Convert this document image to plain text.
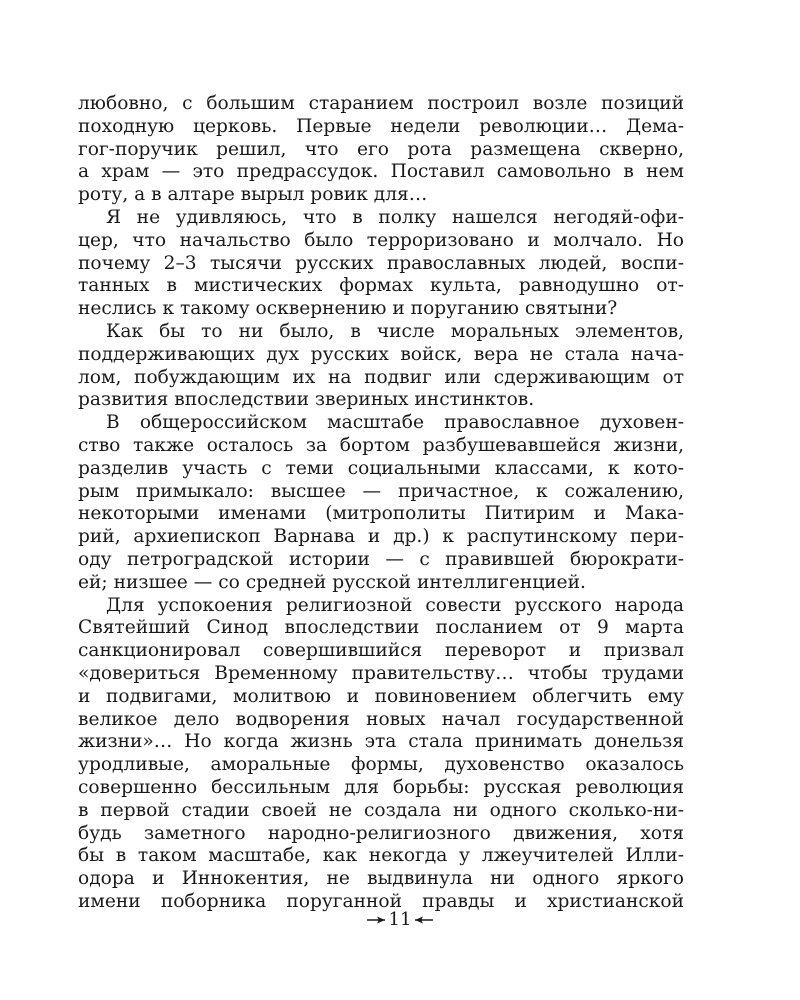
любовно, с большим старанием построил возле позиций
походную церковь. Первые недели революции… Дема-
гог-поручик решил, что его рота размещена скверно,
а храм — это предрассудок. Поставил самовольно в нем
роту, а в алтаре вырыл ровик для…
Я не удивляюсь, что в полку нашелся негодяй-офи-
цер, что начальство было терроризовано и молчало. Но
почему 2–3 тысячи русских православных людей, воспи-
танных в мистических формах культа, равнодушно от-
неслись к такому осквернению и поруганию святыни?
Как бы то ни было, в числе моральных элементов,
поддерживающих дух русских войск, вера не стала нача-
лом, побуждающим их на подвиг или сдерживающим от
развития впоследствии звериных инстинктов.
В общероссийском масштабе православное духовен-
ство также осталось за бортом разбушевавшейся жизни,
разделив участь с теми социальными классами, к кото-
рым примыкало: высшее — причастное, к сожалению,
некоторыми именами (митрополиты Питирим и Мака-
рий, архиепископ Варнава и др.) к распутинскому пери-
оду петроградской истории — с правившей бюрократи-
ей; низшее — со средней русской интеллигенцией.
Для успокоения религиозной совести русского народа
Святейший Синод впоследствии посланием от 9 марта
санкционировал совершившийся переворот и призвал
«довериться Временному правительству… чтобы трудами
и подвигами, молитвою и повиновением облегчить ему
великое дело водворения новых начал государственной
жизни»… Но когда жизнь эта стала принимать донельзя
уродливые, аморальные формы, духовенство оказалось
совершенно бессильным для борьбы: русская революция
в первой стадии своей не создала ни одного сколько-ни-
будь заметного народно-религиозного движения, хотя
бы в таком масштабе, как некогда у лжеучителей Илли-
одора и Иннокентия, не выдвинула ни одного яркого
имени поборника поруганной правды и христианской
11
